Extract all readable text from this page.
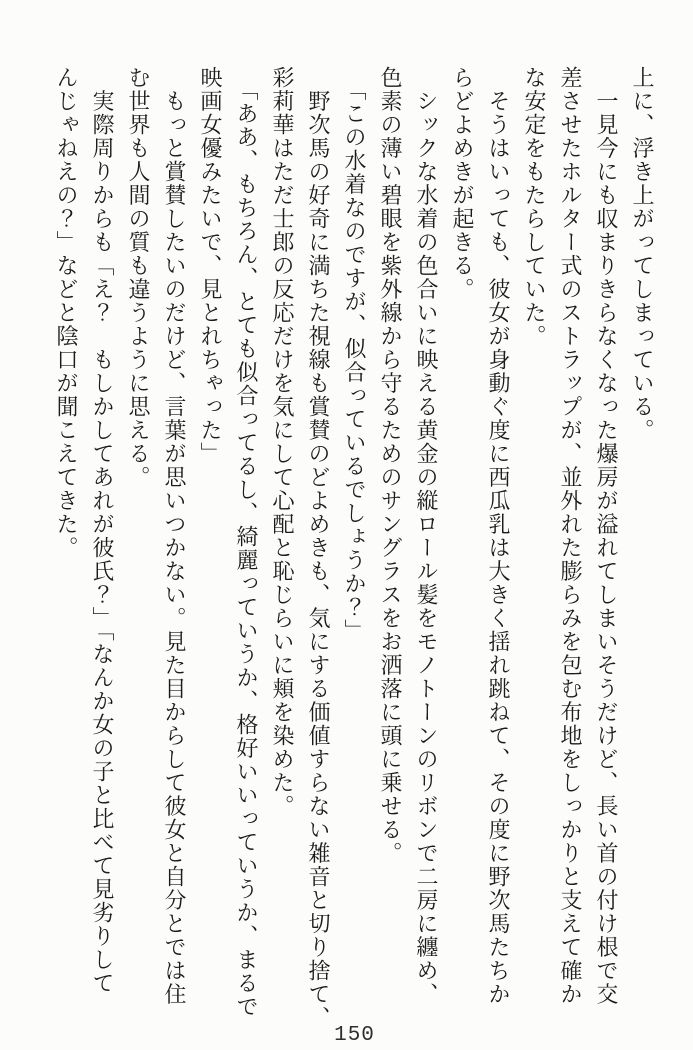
上に、浮き上がってしまっている。
　一見今にも収まりきらなくなった爆房が溢れてしまいそうだけど、長い首の付け根で交
差させたホルター式のストラップが、並外れた膨らみを包む布地をしっかりと支えて確か
な安定をもたらしていた。
　そうはいっても、彼女が身動ぐ度に西瓜乳は大きく揺れ跳ねて、その度に野次馬たちか
らどよめきが起きる。
　シックな水着の色合いに映える黄金の縦ロール髪をモノトーンのリボンで二房に纏め、
色素の薄い碧眼を紫外線から守るためのサングラスをお洒落に頭に乗せる。
　「この水着なのですが、似合っているでしょうか？」
　野次馬の好奇に満ちた視線も賞賛のどよめきも、気にする価値すらない雑音と切り捨て、
彩莉華はただ士郎の反応だけを気にして心配と恥じらいに頬を染めた。
　「ああ、もちろん、とても似合ってるし、綺麗っていうか、格好いいっていうか、まるで
映画女優みたいで、見とれちゃった」
　もっと賞賛したいのだけど、言葉が思いつかない。見た目からして彼女と自分とでは住
む世界も人間の質も違うように思える。
　実際周りからも「え？　もしかしてあれが彼氏？」「なんか女の子と比べて見劣りして
んじゃねえの？」などと陰口が聞こえてきた。
150
